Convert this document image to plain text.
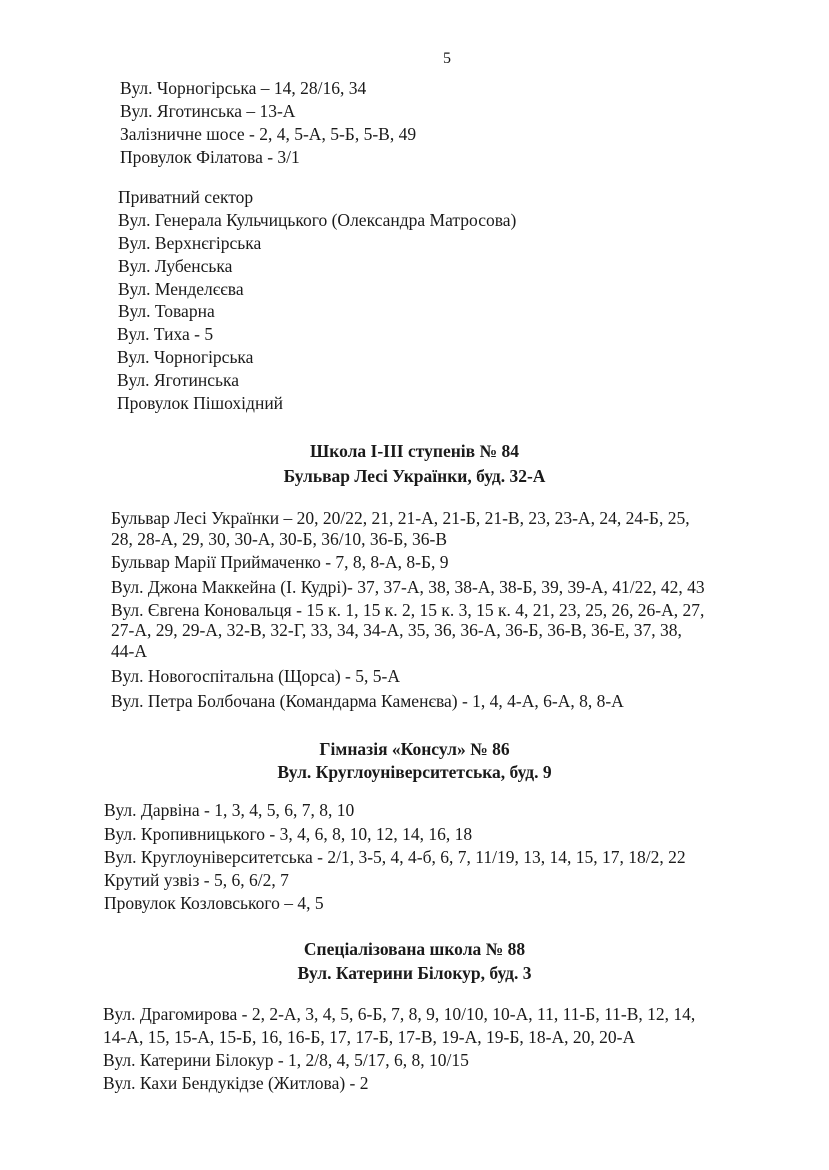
5
Вул. Чорногірська – 14, 28/16, 34
Вул. Яготинська – 13-А
Залізничне шосе - 2, 4, 5-А, 5-Б, 5-В, 49
Провулок Філатова - 3/1
Приватний сектор
Вул. Генерала Кульчицького (Олександра Матросова)
Вул. Верхнєгірська
Вул. Лубенська
Вул. Менделєєва
Вул. Товарна
Вул. Тиха - 5
Вул. Чорногірська
Вул. Яготинська
Провулок Пішохідний
Школа I-III ступенів № 84
Бульвар Лесі Українки, буд. 32-А
Бульвар Лесі Українки – 20, 20/22, 21, 21-А, 21-Б, 21-В, 23, 23-А, 24, 24-Б, 25,
28, 28-А, 29, 30, 30-А, 30-Б, 36/10, 36-Б, 36-В
Бульвар Марії Приймаченко - 7, 8, 8-А, 8-Б, 9
Вул. Джона Маккейна (І. Кудрі)- 37, 37-А, 38, 38-А, 38-Б, 39, 39-А, 41/22, 42, 43
Вул. Євгена Коновальця - 15 к. 1, 15 к. 2, 15 к. 3, 15 к. 4, 21, 23, 25, 26, 26-А, 27,
27-А, 29, 29-А, 32-В, 32-Г, 33, 34, 34-А, 35, 36, 36-А, 36-Б, 36-В, 36-Е, 37, 38,
44-А
Вул. Новогоспітальна (Щорса) - 5, 5-А
Вул. Петра Болбочана (Командарма Каменєва) - 1, 4, 4-А, 6-А, 8, 8-А
Гімназія «Консул» № 86
Вул. Круглоуніверситетська, буд. 9
Вул. Дарвіна - 1, 3, 4, 5, 6, 7, 8, 10
Вул. Кропивницького - 3, 4, 6, 8, 10, 12, 14, 16, 18
Вул. Круглоуніверситетська - 2/1, 3-5, 4, 4-б, 6, 7, 11/19, 13, 14, 15, 17, 18/2, 22
Крутий узвіз - 5, 6, 6/2, 7
Провулок Козловського – 4, 5
Спеціалізована школа № 88
Вул. Катерини Білокур, буд. 3
Вул. Драгомирова - 2, 2-А, 3, 4, 5, 6-Б, 7, 8, 9, 10/10, 10-А, 11, 11-Б, 11-В, 12, 14,
14-А, 15, 15-А, 15-Б, 16, 16-Б, 17, 17-Б, 17-В, 19-А, 19-Б, 18-А, 20, 20-А
Вул. Катерини Білокур - 1, 2/8, 4, 5/17, 6, 8, 10/15
Вул. Кахи Бендукідзе (Житлова) - 2
